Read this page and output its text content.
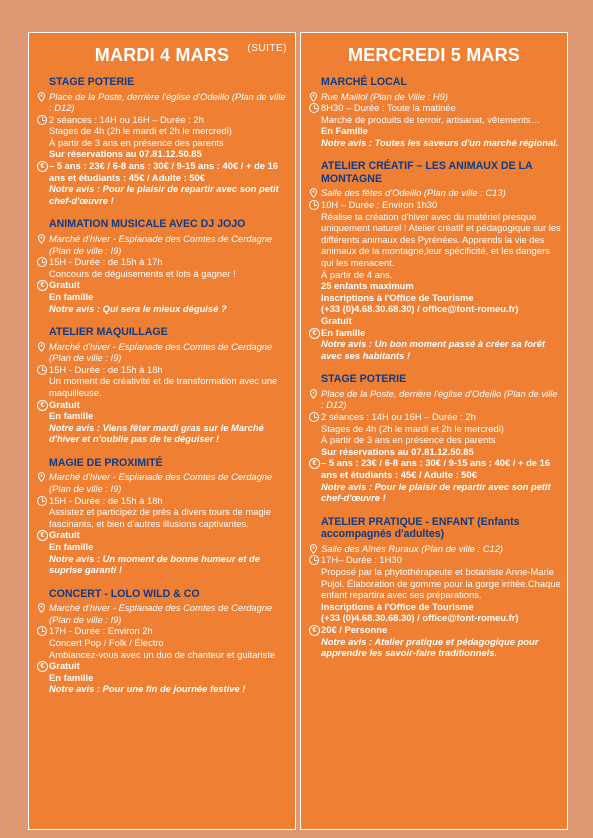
MARDI 4 MARS (SUITE)
STAGE POTERIE
Place de la Poste, derrière l'église d'Odeillo (Plan de ville : D12)
2 séances : 14H ou 16H – Durée : 2h
Stages de 4h (2h le mardi et 2h le mercredi)
À partir de 3 ans en présence des parents
Sur réservations au 07.81.12.50.85
€ – 5 ans : 23€ / 6-8 ans : 30€ / 9-15 ans : 40€ / + de 16 ans et étudiants : 45€ / Adulte : 50€
Notre avis : Pour le plaisir de repartir avec son petit chef-d'œuvre !
ANIMATION MUSICALE AVEC DJ JOJO
Marché d'hiver - Esplanade des Comtes de Cerdagne (Plan de ville : I9)
15H - Durée : de 15h à 17h
Concours de déguisements et lots à gagner !
€ Gratuit
En famille
Notre avis : Qui sera le mieux déguisé ?
ATELIER MAQUILLAGE
Marché d'hiver - Esplanade des Comtes de Cerdagne (Plan de ville : I9)
15H - Durée : de 15h à 18h
Un moment de créativité et de transformation avec une maquilleuse.
€ Gratuit
En famille
Notre avis : Viens fêter mardi gras sur le Marché d'hiver et n'oublie pas de te déguiser !
MAGIE DE PROXIMITÉ
Marché d'hiver - Esplanade des Comtes de Cerdagne (Plan de ville : I9)
15H - Durée : de 15h à 18h
Assistez et participez de près à divers tours de magie fascinants, et bien d'autres illusions captivantes.
€ Gratuit
En famille
Notre avis : Un moment de bonne humeur et de suprise garanti !
CONCERT - LOLO WILD & CO
Marché d'hiver - Esplanade des Comtes de Cerdagne (Plan de ville : I9)
17H - Durée : Environ 2h
Concert Pop / Folk / Électro
Ambiancez-vous avec un duo de chanteur et guitariste
€ Gratuit
En famille
Notre avis : Pour une fin de journée festive !
MERCREDI 5 MARS
MARCHÉ LOCAL
Rue Maillol (Plan de Ville : H9)
8H30 – Durée : Toute la matinée
Marché de produits de terroir, artisanat, vêtements…
En Famille
Notre avis : Toutes les saveurs d'un marché régional.
ATELIER CRÉATIF – LES ANIMAUX DE LA MONTAGNE
Salle des fêtes d'Odeillo (Plan de ville : C13)
10H – Durée : Environ 1h30
Réalise ta création d'hiver avec du matériel presque uniquement naturel ! Atelier créatif et pédagogique sur les différents animaux des Pyrénées. Apprends la vie des animaux de la montagne,leur spécificité, et les dangers qui les menacent.
À partir de 4 ans.
25 enfants maximum
Inscriptions à l'Office de Tourisme
(+33 (0)4.68.30.68.30) / office@font-romeu.fr)
Gratuit
€ En famille
Notre avis : Un bon moment passé à créer sa forêt avec ses habitants !
STAGE POTERIE
Place de la Poste, derrière l'église d'Odeillo (Plan de ville : D12)
2 séances : 14H ou 16H – Durée : 2h
Stages de 4h (2h le mardi et 2h le mercredi)
À partir de 3 ans en présence des parents
Sur réservations au 07.81.12.50.85
€ – 5 ans : 23€ / 6-8 ans : 30€ / 9-15 ans : 40€ / + de 16 ans et étudiants : 45€ / Adulte : 50€
Notre avis : Pour le plaisir de repartir avec son petit chef-d'œuvre !
ATELIER PRATIQUE - ENFANT (Enfants accompagnés d'adultes)
Salle des Aînés Ruraux (Plan de ville : C12)
17H– Durée : 1H30
Proposé par la phytothérapeute et botaniste Anne-Marie Pujol. Élaboration de gomme pour la gorge irritée.Chaque enfant repartira avec ses préparations.
Inscriptions à l'Office de Tourisme
(+33 (0)4.68.30.68.30) / office@font-romeu.fr)
€ 20€ / Personne
Notre avis : Atelier pratique et pédagogique pour apprendre les savoir-faire traditionnels.
